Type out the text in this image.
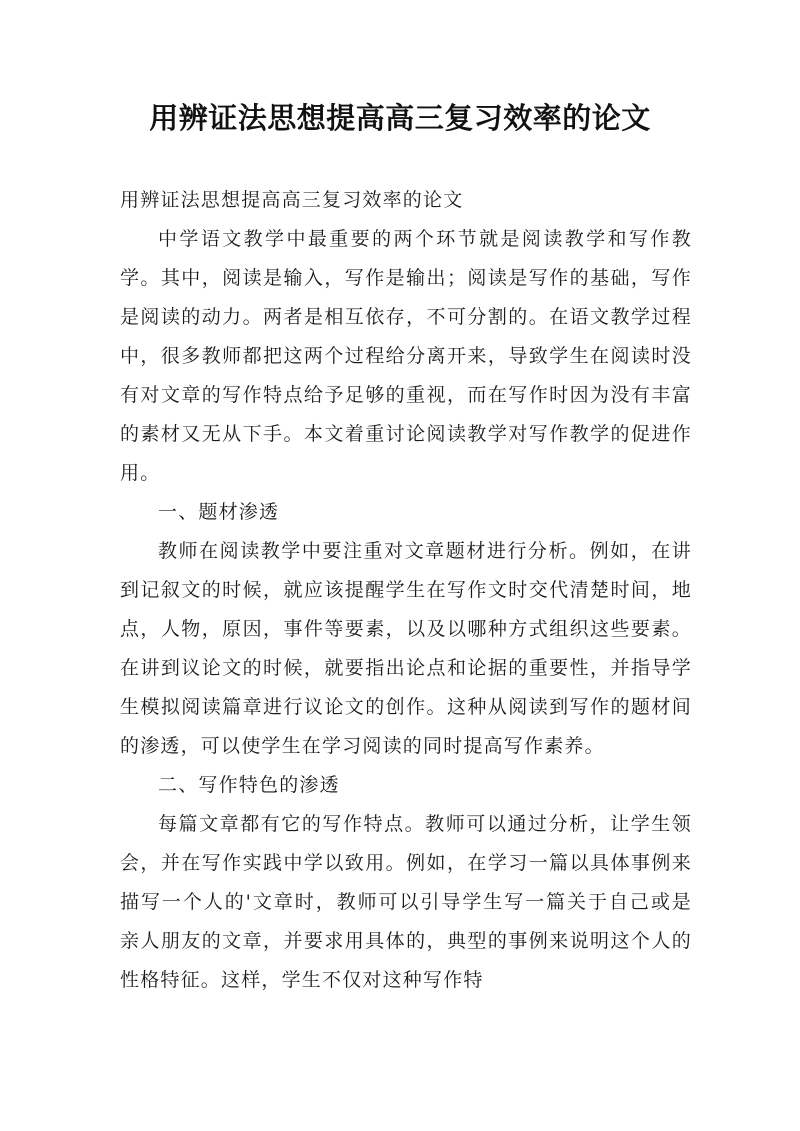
用辨证法思想提高高三复习效率的论文

用辨证法思想提高高三复习效率的论文

中学语文教学中最重要的两个环节就是阅读教学和写作教学。其中，阅读是输入，写作是输出；阅读是写作的基础，写作是阅读的动力。两者是相互依存，不可分割的。在语文教学过程中，很多教师都把这两个过程给分离开来，导致学生在阅读时没有对文章的写作特点给予足够的重视，而在写作时因为没有丰富的素材又无从下手。本文着重讨论阅读教学对写作教学的促进作用。

一、题材渗透

教师在阅读教学中要注重对文章题材进行分析。例如，在讲到记叙文的时候，就应该提醒学生在写作文时交代清楚时间，地点，人物，原因，事件等要素，以及以哪种方式组织这些要素。在讲到议论文的时候，就要指出论点和论据的重要性，并指导学生模拟阅读篇章进行议论文的创作。这种从阅读到写作的题材间的渗透，可以使学生在学习阅读的同时提高写作素养。

二、写作特色的渗透

每篇文章都有它的写作特点。教师可以通过分析，让学生领会，并在写作实践中学以致用。例如，在学习一篇以具体事例来描写一个人的'文章时，教师可以引导学生写一篇关于自己或是亲人朋友的文章，并要求用具体的，典型的事例来说明这个人的性格特征。这样，学生不仅对这种写作特
